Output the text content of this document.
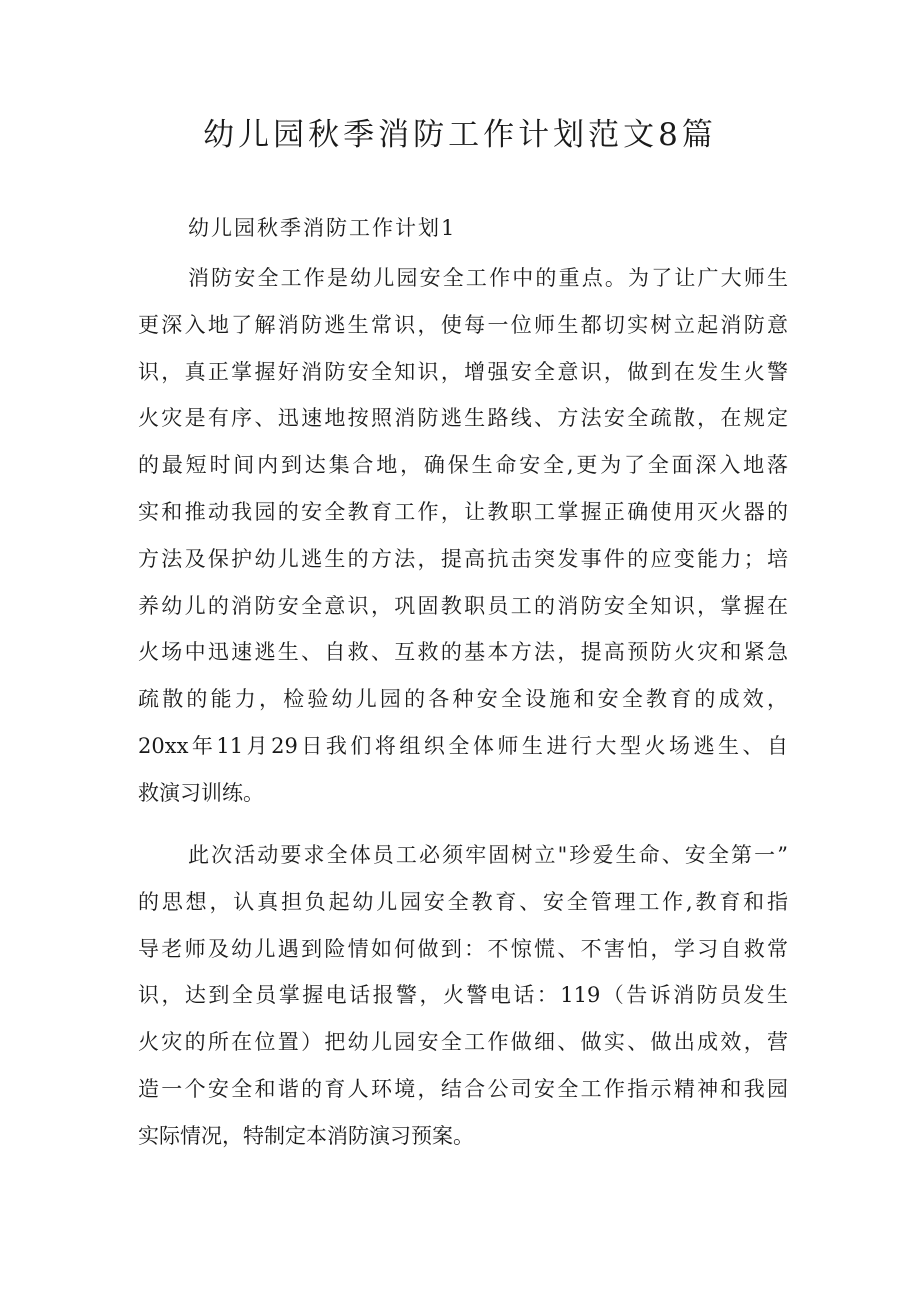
幼儿园秋季消防工作计划范文8篇
幼儿园秋季消防工作计划1
消防安全工作是幼儿园安全工作中的重点。为了让广大师生
更深入地了解消防逃生常识，使每一位师生都切实树立起消防意
识，真正掌握好消防安全知识，增强安全意识，做到在发生火警
火灾是有序、迅速地按照消防逃生路线、方法安全疏散，在规定
的最短时间内到达集合地，确保生命安全,更为了全面深入地落
实和推动我园的安全教育工作，让教职工掌握正确使用灭火器的
方法及保护幼儿逃生的方法，提高抗击突发事件的应变能力；培
养幼儿的消防安全意识，巩固教职员工的消防安全知识，掌握在
火场中迅速逃生、自救、互救的基本方法，提高预防火灾和紧急
疏散的能力，检验幼儿园的各种安全设施和安全教育的成效，
20xx年11月29日我们将组织全体师生进行大型火场逃生、自
救演习训练。
此次活动要求全体员工必须牢固树立"珍爱生命、安全第一”
的思想，认真担负起幼儿园安全教育、安全管理工作,教育和指
导老师及幼儿遇到险情如何做到：不惊慌、不害怕，学习自救常
识，达到全员掌握电话报警，火警电话：119（告诉消防员发生
火灾的所在位置）把幼儿园安全工作做细、做实、做出成效，营
造一个安全和谐的育人环境，结合公司安全工作指示精神和我园
实际情况，特制定本消防演习预案。
